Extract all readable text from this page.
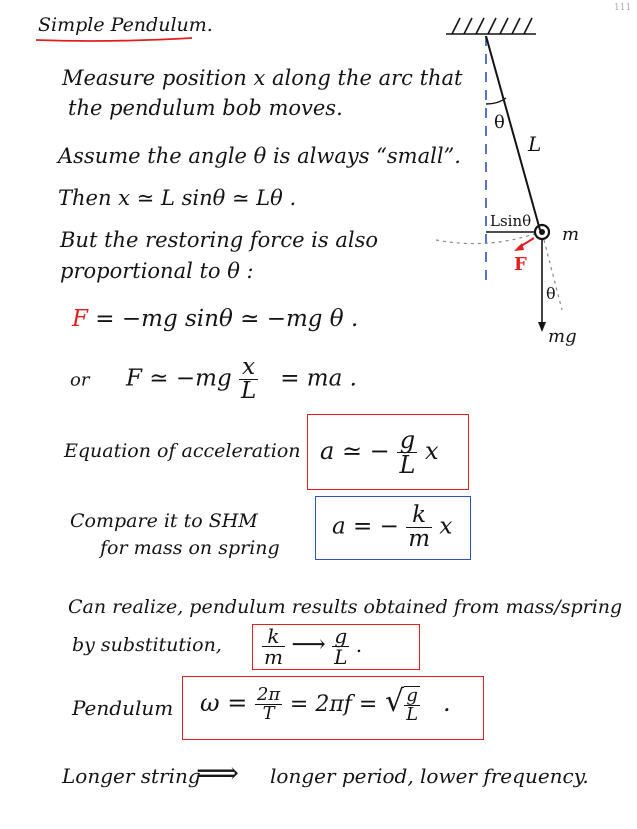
Simple Pendulum.
111
Measure position x along the arc that
the pendulum bob moves.
Assume the angle θ is always “small”.
Then x ≃ L sinθ ≃ Lθ .
But the restoring force is also
proportional to θ :
F = −mg sinθ ≃ −mg θ .
or F ≃ $-mg \frac{x}{L}$ = ma .
Equation of acceleration a ≃ − $\frac{g}{L}$ x
Compare it to SHM
for mass on spring
a = − $\frac{k}{m}$ x
Can realize, pendulum results obtained from mass/spring
by substitution, $\frac{k}{m}$ ⟶ $\frac{g}{L}$ .
Pendulum $\omega = \frac{2\pi}{T} = 2\pi f$ = √ $\frac{g}{L}$ .
Longer string
⟹ longer period, lower frequency.
θ
L
Lsinθ
m
F
θ
mg
